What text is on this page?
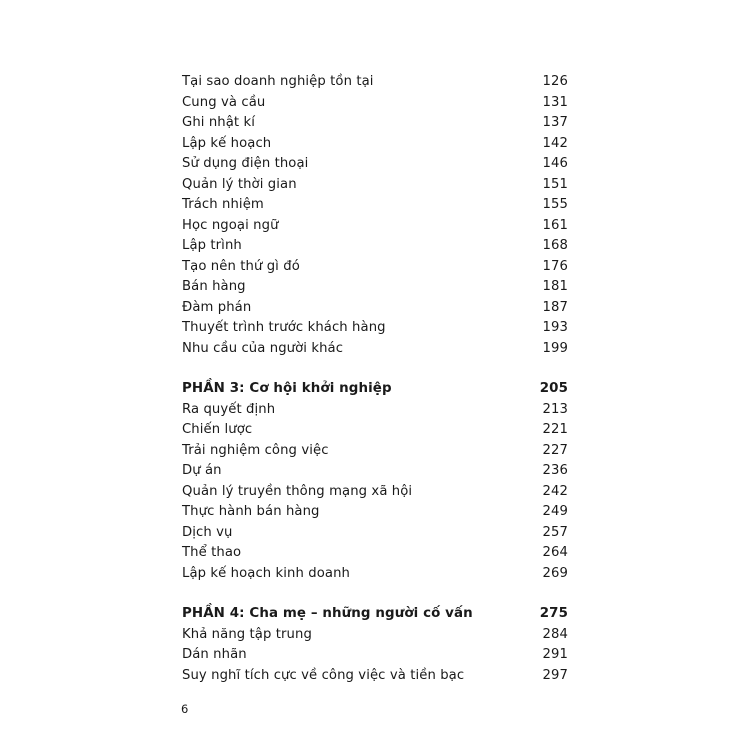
Tại sao doanh nghiệp tồn tại	126
Cung và cầu	131
Ghi nhật kí	137
Lập kế hoạch	142
Sử dụng điện thoại	146
Quản lý thời gian	151
Trách nhiệm	155
Học ngoại ngữ	161
Lập trình	168
Tạo nên thứ gì đó	176
Bán hàng	181
Đàm phán	187
Thuyết trình trước khách hàng	193
Nhu cầu của người khác	199
PHẦN 3: Cơ hội khởi nghiệp	205
Ra quyết định	213
Chiến lược	221
Trải nghiệm công việc	227
Dự án	236
Quản lý truyền thông mạng xã hội	242
Thực hành bán hàng	249
Dịch vụ	257
Thể thao	264
Lập kế hoạch kinh doanh	269
PHẦN 4: Cha mẹ – những người cố vấn	275
Khả năng tập trung	284
Dán nhãn	291
Suy nghĩ tích cực về công việc và tiền bạc	297
6
